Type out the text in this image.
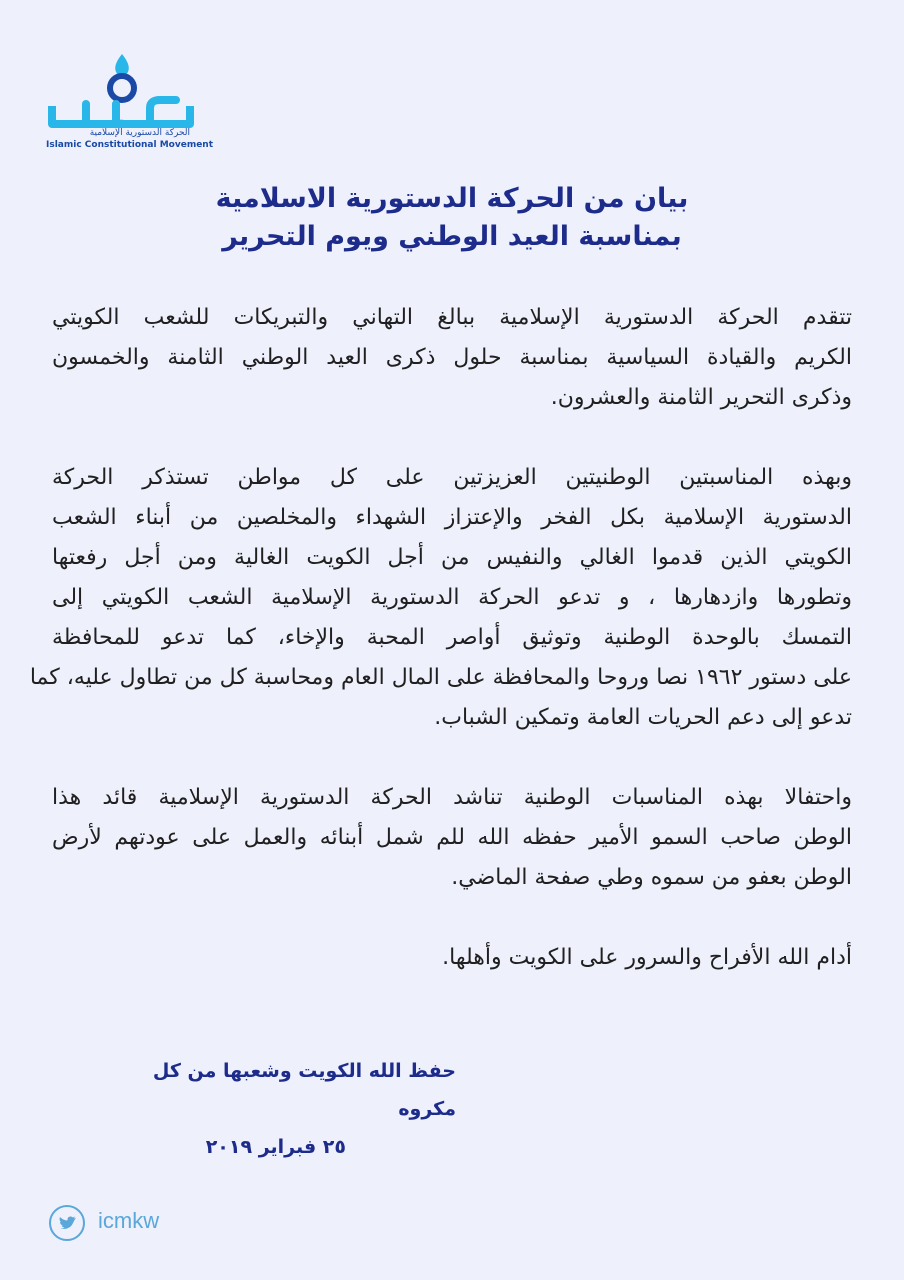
حدس
الحركة الدستورية الإسلامية
Islamic Constitutional Movement
بيان من الحركة الدستورية الاسلامية
بمناسبة العيد الوطني ويوم التحرير

تتقدم الحركة الدستورية الإسلامية ببالغ التهاني والتبريكات للشعب الكويتي
الكريم والقيادة السياسية بمناسبة حلول ذكرى العيد الوطني الثامنة والخمسون
وذكرى التحرير الثامنة والعشرون.

وبهذه المناسبتين الوطنيتين العزيزتين على كل مواطن تستذكر الحركة
الدستورية الإسلامية بكل الفخر والإعتزاز الشهداء والمخلصين من أبناء الشعب
الكويتي الذين قدموا الغالي والنفيس من أجل الكويت الغالية ومن أجل رفعتها
وتطورها وازدهارها ، و تدعو الحركة الدستورية الإسلامية الشعب الكويتي إلى
التمسك بالوحدة الوطنية وتوثيق أواصر المحبة والإخاء، كما تدعو للمحافظة
على دستور ١٩٦٢ نصا وروحا والمحافظة على المال العام ومحاسبة كل من تطاول عليه، كما
تدعو إلى دعم الحريات العامة وتمكين الشباب.

واحتفالا بهذه المناسبات الوطنية تناشد الحركة الدستورية الإسلامية قائد هذا
الوطن صاحب السمو الأمير حفظه الله للم شمل أبنائه والعمل على عودتهم لأرض
الوطن بعفو من سموه وطي صفحة الماضي.

أدام الله الأفراح والسرور على الكويت وأهلها.

حفظ الله الكويت وشعبها من كل مكروه
٢٥ فبراير ٢٠١٩
icmkw
